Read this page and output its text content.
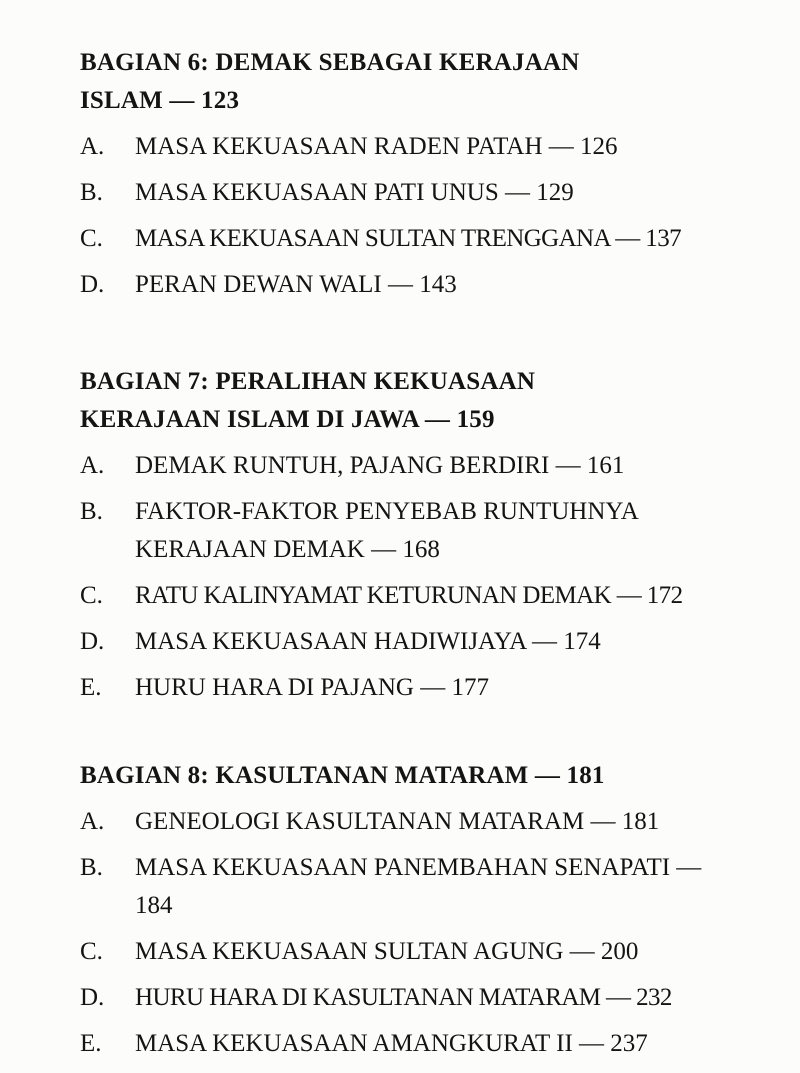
BAGIAN 6: DEMAK SEBAGAI KERAJAAN ISLAM — 123
A.	MASA KEKUASAAN RADEN PATAH — 126
B.	MASA KEKUASAAN PATI UNUS — 129
C.	MASA KEKUASAAN SULTAN TRENGGANA — 137
D.	PERAN DEWAN WALI — 143
BAGIAN 7: PERALIHAN KEKUASAAN KERAJAAN ISLAM DI JAWA — 159
A.	DEMAK RUNTUH, PAJANG BERDIRI — 161
B.	FAKTOR-FAKTOR PENYEBAB RUNTUHNYA KERAJAAN DEMAK — 168
C.	RATU KALINYAMAT KETURUNAN DEMAK — 172
D.	MASA KEKUASAAN HADIWIJAYA — 174
E.	HURU HARA DI PAJANG — 177
BAGIAN 8: KASULTANAN MATARAM — 181
A.	GENEOLOGI KASULTANAN MATARAM — 181
B.	MASA KEKUASAAN PANEMBAHAN SENAPATI — 184
C.	MASA KEKUASAAN SULTAN AGUNG — 200
D.	HURU HARA DI KASULTANAN MATARAM — 232
E.	MASA KEKUASAAN AMANGKURAT II — 237
